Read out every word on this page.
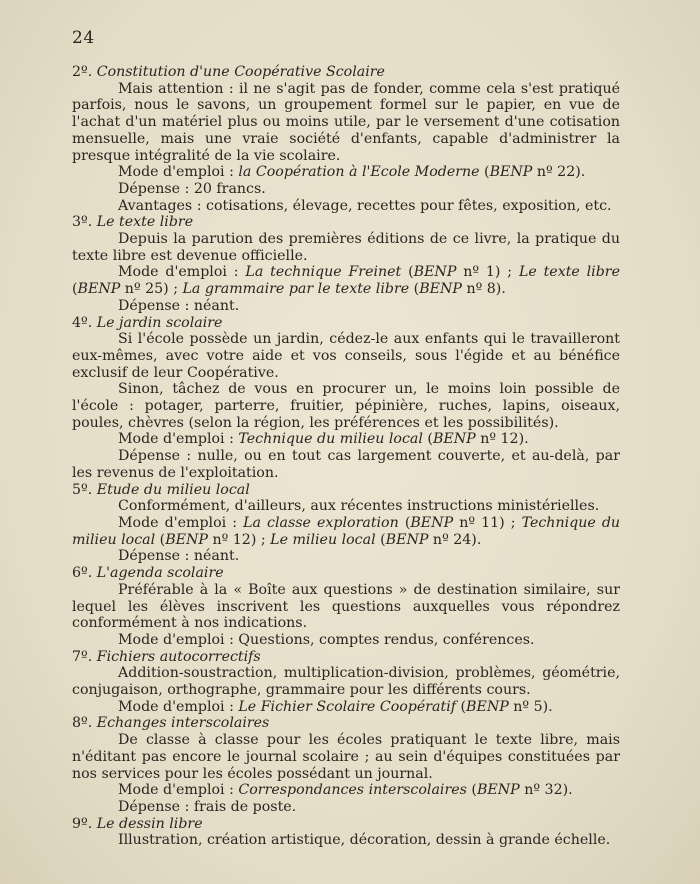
24

2º. Constitution d'une Coopérative Scolaire

Mais attention : il ne s'agit pas de fonder, comme cela s'est pratiqué parfois, nous le savons, un groupement formel sur le papier, en vue de l'achat d'un matériel plus ou moins utile, par le versement d'une cotisation mensuelle, mais une vraie société d'enfants, capable d'administrer la presque intégralité de la vie scolaire.

Mode d'emploi : la Coopération à l'Ecole Moderne (BENP nº 22).

Dépense : 20 francs.

Avantages : cotisations, élevage, recettes pour fêtes, exposition, etc.

3º. Le texte libre

Depuis la parution des premières éditions de ce livre, la pratique du texte libre est devenue officielle.

Mode d'emploi : La technique Freinet (BENP nº 1) ; Le texte libre (BENP nº 25) ; La grammaire par le texte libre (BENP nº 8).

Dépense : néant.

4º. Le jardin scolaire

Si l'école possède un jardin, cédez-le aux enfants qui le travailleront eux-mêmes, avec votre aide et vos conseils, sous l'égide et au bénéfice exclusif de leur Coopérative.

Sinon, tâchez de vous en procurer un, le moins loin possible de l'école : potager, parterre, fruitier, pépinière, ruches, lapins, oiseaux, poules, chèvres (selon la région, les préférences et les possibilités).

Mode d'emploi : Technique du milieu local (BENP nº 12).

Dépense : nulle, ou en tout cas largement couverte, et au-delà, par les revenus de l'exploitation.

5º. Etude du milieu local

Conformément, d'ailleurs, aux récentes instructions ministérielles.

Mode d'emploi : La classe exploration (BENP nº 11) ; Technique du milieu local (BENP nº 12) ; Le milieu local (BENP nº 24).

Dépense : néant.

6º. L'agenda scolaire

Préférable à la « Boîte aux questions » de destination similaire, sur lequel les élèves inscrivent les questions auxquelles vous répondrez conformément à nos indications.

Mode d'emploi : Questions, comptes rendus, conférences.

7º. Fichiers autocorrectifs

Addition-soustraction, multiplication-division, problèmes, géométrie, conjugaison, orthographe, grammaire pour les différents cours.

Mode d'emploi : Le Fichier Scolaire Coopératif (BENP nº 5).

8º. Echanges interscolaires

De classe à classe pour les écoles pratiquant le texte libre, mais n'éditant pas encore le journal scolaire ; au sein d'équipes constituées par nos services pour les écoles possédant un journal.

Mode d'emploi : Correspondances interscolaires (BENP nº 32).

Dépense : frais de poste.

9º. Le dessin libre

Illustration, création artistique, décoration, dessin à grande échelle.
